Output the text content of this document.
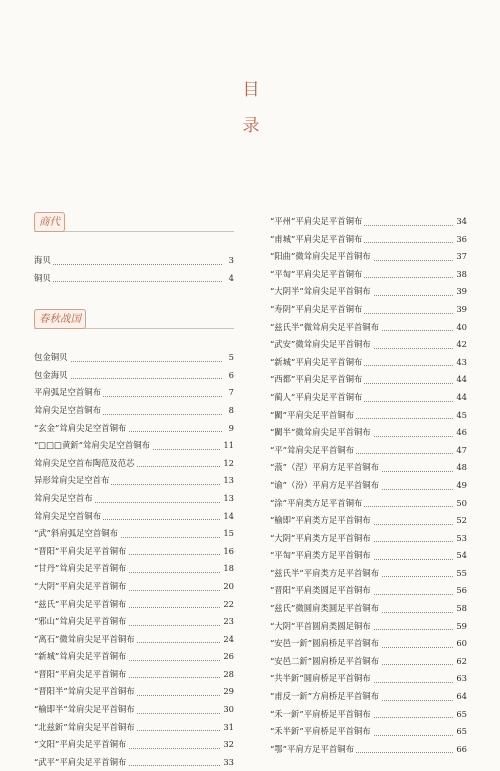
目
录
商代
海贝	3
铜贝	4
春秋战国
包金铜贝	5
包金海贝	6
平肩弧足空首铜布	7
耸肩尖足空首铜布	8
“玄金”耸肩尖足空首铜布	9
“□□□黄釿”耸肩尖足空首铜布	11
耸肩尖足空首布陶范及范芯	12
异形耸肩尖足空首布	13
耸肩尖足空首布	13
耸肩尖足空首铜布	14
“武”斜肩弧足空首铜布	15
“晋阳”平肩尖足平首铜布	16
“甘丹”耸肩尖足平首铜布	18
“大阴”平肩尖足平首铜布	20
“兹氏”平肩尖足平首铜布	22
“邪山”耸肩尖足平首铜布	23
“离石”微耸肩尖足平首铜布	24
“新城”耸肩尖足平首铜布	26
“晋阳”平肩尖足平首铜布	28
“晋阳半”耸肩尖足平首铜布	29
“榆即半”耸肩尖足平首铜布	30
“北兹釿”耸肩尖足平首铜布	31
“文阳”平肩尖足平首铜布	32
“武平”平肩尖足平首铜布	33
“平州”平肩尖足平首铜布	34
“甫城”平肩尖足平首铜布	36
“阳曲”微耸肩尖足平首铜布	37
“平匋”平肩尖足平首铜布	38
“大阴半”耸肩尖足平首铜布	39
“寿阴”平肩尖足平首铜布	39
“兹氏半”微耸肩尖足平首铜布	40
“武安”微耸肩尖足平首铜布	42
“新城”平肩尖足平首铜布	43
“西都”平肩尖足平首铜布	44
“蔺人”平肩尖足平首铜布	44
“閵”平肩尖足平首铜布	45
“閵半”微耸肩尖足平首铜布	46
“平”耸肩尖足平首铜布	47
“蒗”（涅）平肩方足平首铜布	48
“谕”（汾）平肩方足平首铜布	49
“涂”平肩类方足平首铜布	50
“榆即”平肩类方足平首铜布	52
“大阴”平肩类方足平首铜布	53
“平匋”平肩类方足平首铜布	54
“兹氏半”平肩类方足平首铜布	55
“晋阳”平肩类圆足平首铜布	56
“兹氏”微圆肩类圆足平首铜布	58
“大阴”平首圆肩类圆足铜布	59
“安邑一釿”圆肩桥足平首铜布	60
“安邑二釿”圆肩桥足平首铜布	62
“共半釿”圆肩桥足平首铜布	63
“甫反一釿”方肩桥足平首铜布	64
“禾一釿”平肩桥足平首铜布	65
“禾半釿”平肩桥足平首铜布	65
“鄂”平肩方足平首铜布	66
